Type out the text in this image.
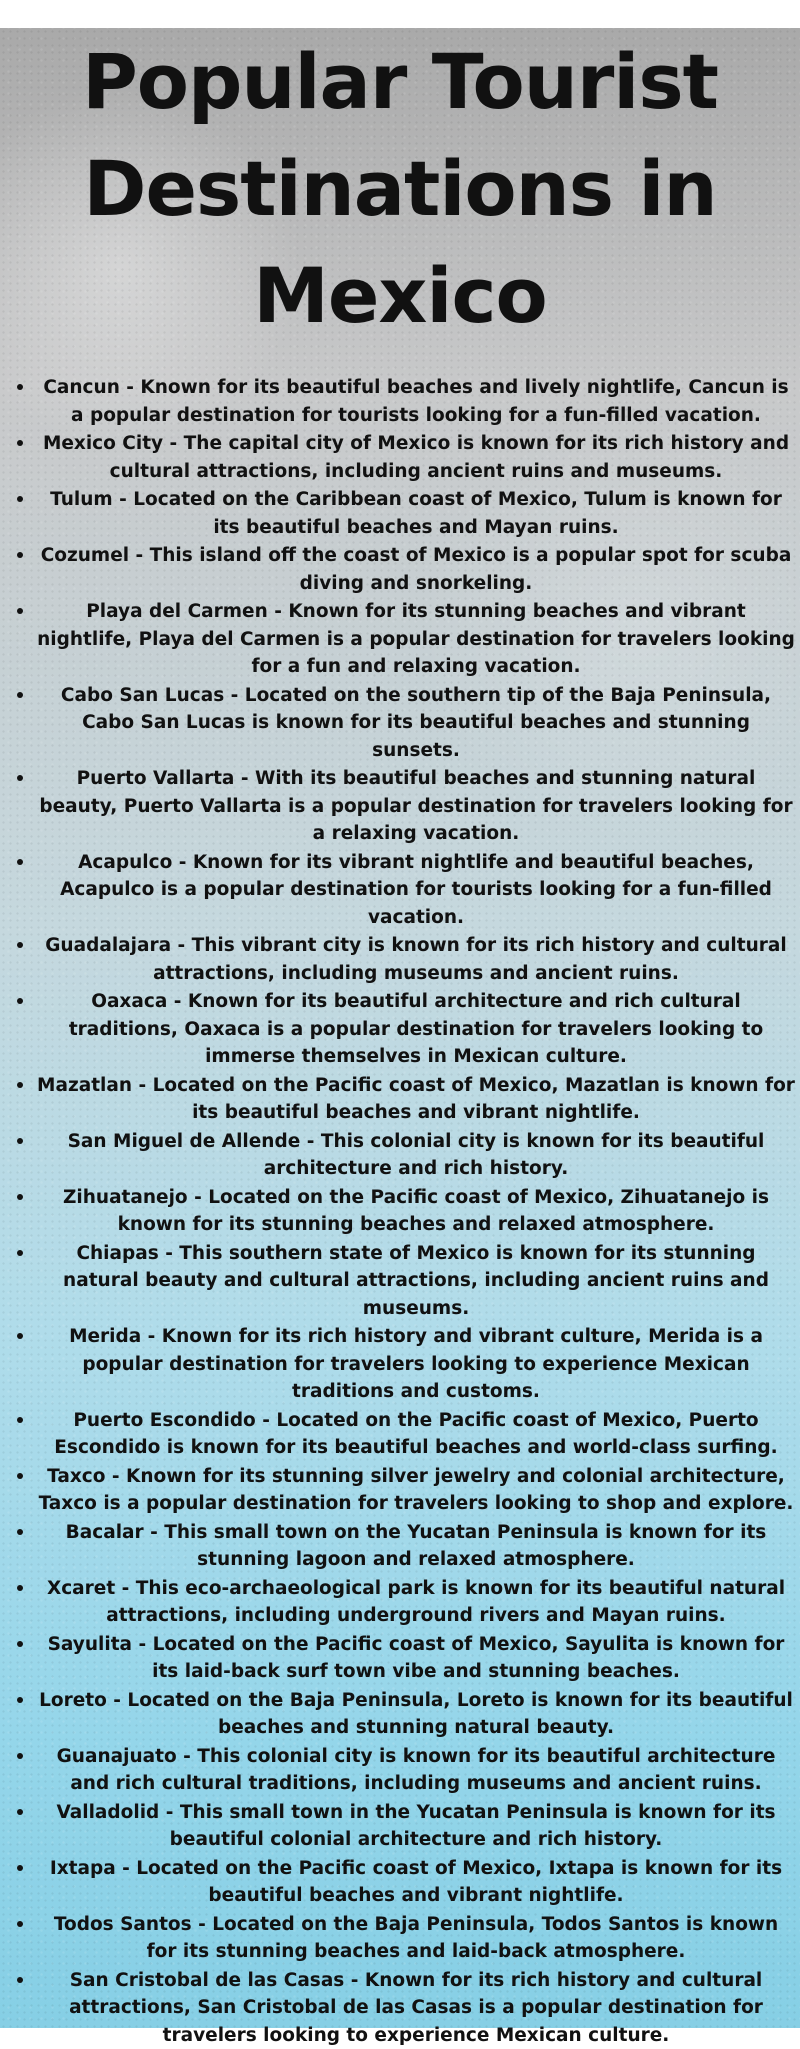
Popular Tourist Destinations in Mexico
• Cancun - Known for its beautiful beaches and lively nightlife, Cancun is a popular destination for tourists looking for a fun-filled vacation.
• Mexico City - The capital city of Mexico is known for its rich history and cultural attractions, including ancient ruins and museums.
• Tulum - Located on the Caribbean coast of Mexico, Tulum is known for its beautiful beaches and Mayan ruins.
• Cozumel - This island off the coast of Mexico is a popular spot for scuba diving and snorkeling.
• Playa del Carmen - Known for its stunning beaches and vibrant nightlife, Playa del Carmen is a popular destination for travelers looking for a fun and relaxing vacation.
• Cabo San Lucas - Located on the southern tip of the Baja Peninsula, Cabo San Lucas is known for its beautiful beaches and stunning sunsets.
• Puerto Vallarta - With its beautiful beaches and stunning natural beauty, Puerto Vallarta is a popular destination for travelers looking for a relaxing vacation.
• Acapulco - Known for its vibrant nightlife and beautiful beaches, Acapulco is a popular destination for tourists looking for a fun-filled vacation.
• Guadalajara - This vibrant city is known for its rich history and cultural attractions, including museums and ancient ruins.
• Oaxaca - Known for its beautiful architecture and rich cultural traditions, Oaxaca is a popular destination for travelers looking to immerse themselves in Mexican culture.
• Mazatlan - Located on the Pacific coast of Mexico, Mazatlan is known for its beautiful beaches and vibrant nightlife.
• San Miguel de Allende - This colonial city is known for its beautiful architecture and rich history.
• Zihuatanejo - Located on the Pacific coast of Mexico, Zihuatanejo is known for its stunning beaches and relaxed atmosphere.
• Chiapas - This southern state of Mexico is known for its stunning natural beauty and cultural attractions, including ancient ruins and museums.
• Merida - Known for its rich history and vibrant culture, Merida is a popular destination for travelers looking to experience Mexican traditions and customs.
• Puerto Escondido - Located on the Pacific coast of Mexico, Puerto Escondido is known for its beautiful beaches and world-class surfing.
• Taxco - Known for its stunning silver jewelry and colonial architecture, Taxco is a popular destination for travelers looking to shop and explore.
• Bacalar - This small town on the Yucatan Peninsula is known for its stunning lagoon and relaxed atmosphere.
• Xcaret - This eco-archaeological park is known for its beautiful natural attractions, including underground rivers and Mayan ruins.
• Sayulita - Located on the Pacific coast of Mexico, Sayulita is known for its laid-back surf town vibe and stunning beaches.
• Loreto - Located on the Baja Peninsula, Loreto is known for its beautiful beaches and stunning natural beauty.
• Guanajuato - This colonial city is known for its beautiful architecture and rich cultural traditions, including museums and ancient ruins.
• Valladolid - This small town in the Yucatan Peninsula is known for its beautiful colonial architecture and rich history.
• Ixtapa - Located on the Pacific coast of Mexico, Ixtapa is known for its beautiful beaches and vibrant nightlife.
• Todos Santos - Located on the Baja Peninsula, Todos Santos is known for its stunning beaches and laid-back atmosphere.
• San Cristobal de las Casas - Known for its rich history and cultural attractions, San Cristobal de las Casas is a popular destination for travelers looking to experience Mexican culture.
